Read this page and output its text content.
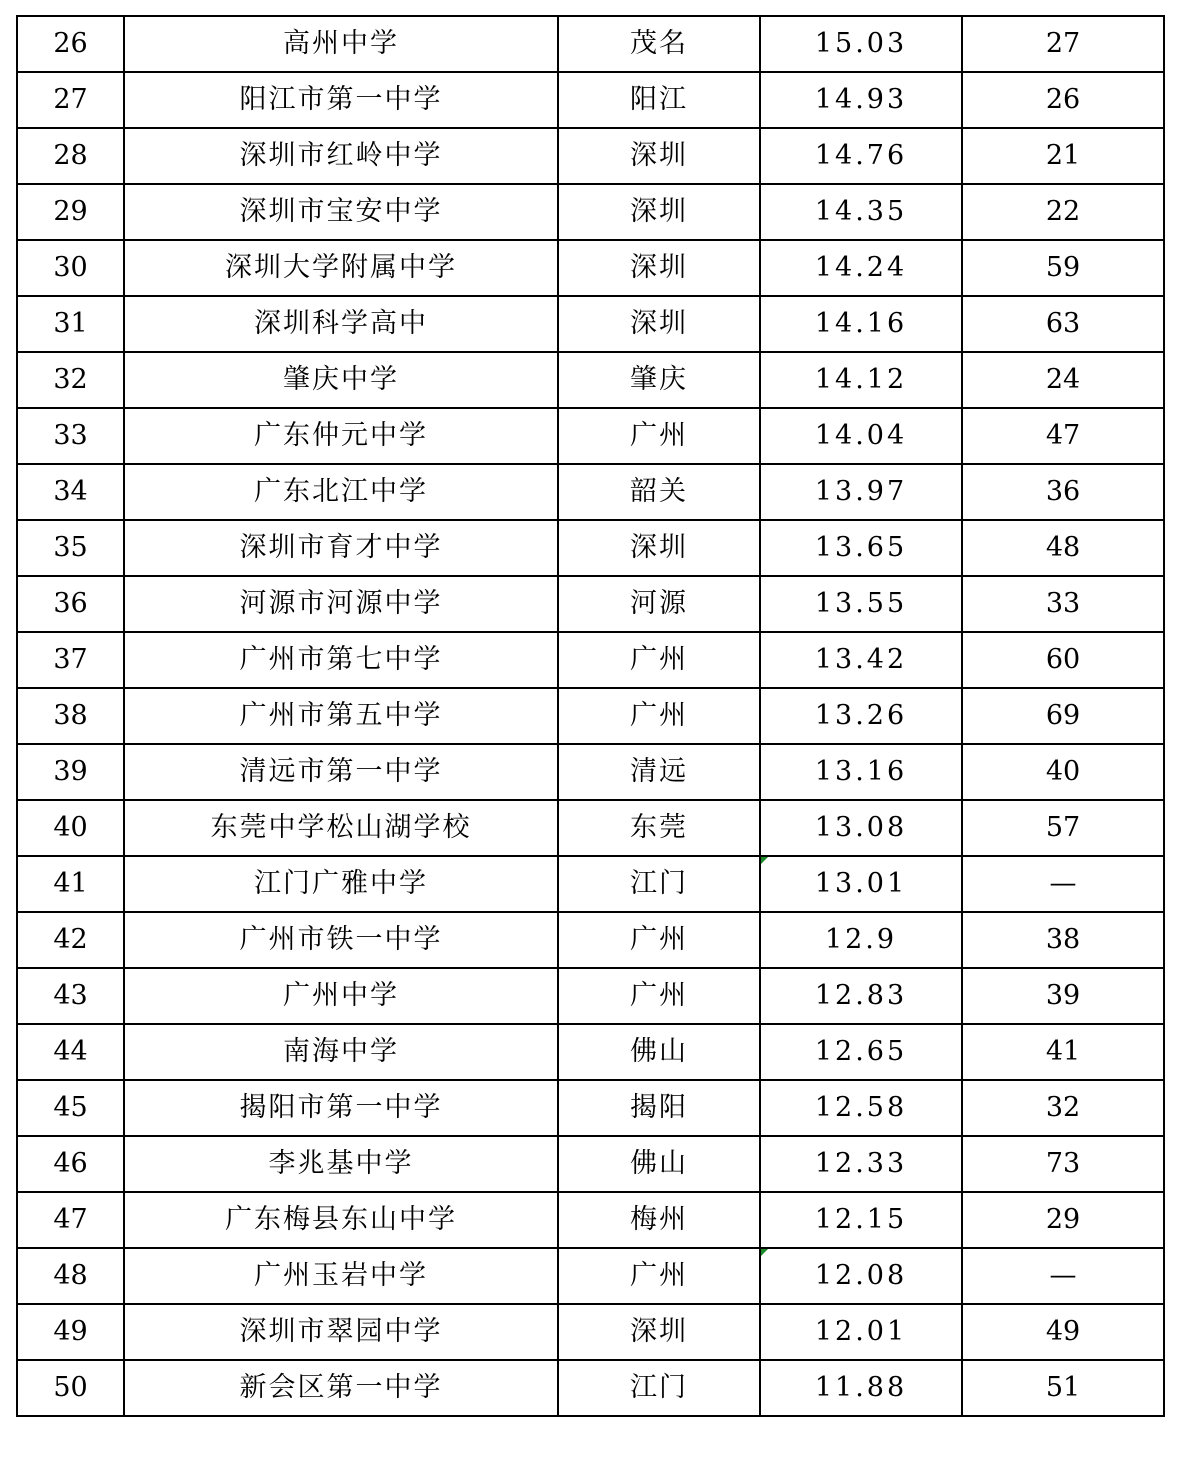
26	高州中学	茂名	15.03	27
27	阳江市第一中学	阳江	14.93	26
28	深圳市红岭中学	深圳	14.76	21
29	深圳市宝安中学	深圳	14.35	22
30	深圳大学附属中学	深圳	14.24	59
31	深圳科学高中	深圳	14.16	63
32	肇庆中学	肇庆	14.12	24
33	广东仲元中学	广州	14.04	47
34	广东北江中学	韶关	13.97	36
35	深圳市育才中学	深圳	13.65	48
36	河源市河源中学	河源	13.55	33
37	广州市第七中学	广州	13.42	60
38	广州市第五中学	广州	13.26	69
39	清远市第一中学	清远	13.16	40
40	东莞中学松山湖学校	东莞	13.08	57
41	江门广雅中学	江门	13.01	—
42	广州市铁一中学	广州	12.9	38
43	广州中学	广州	12.83	39
44	南海中学	佛山	12.65	41
45	揭阳市第一中学	揭阳	12.58	32
46	李兆基中学	佛山	12.33	73
47	广东梅县东山中学	梅州	12.15	29
48	广州玉岩中学	广州	12.08	—
49	深圳市翠园中学	深圳	12.01	49
50	新会区第一中学	江门	11.88	51
